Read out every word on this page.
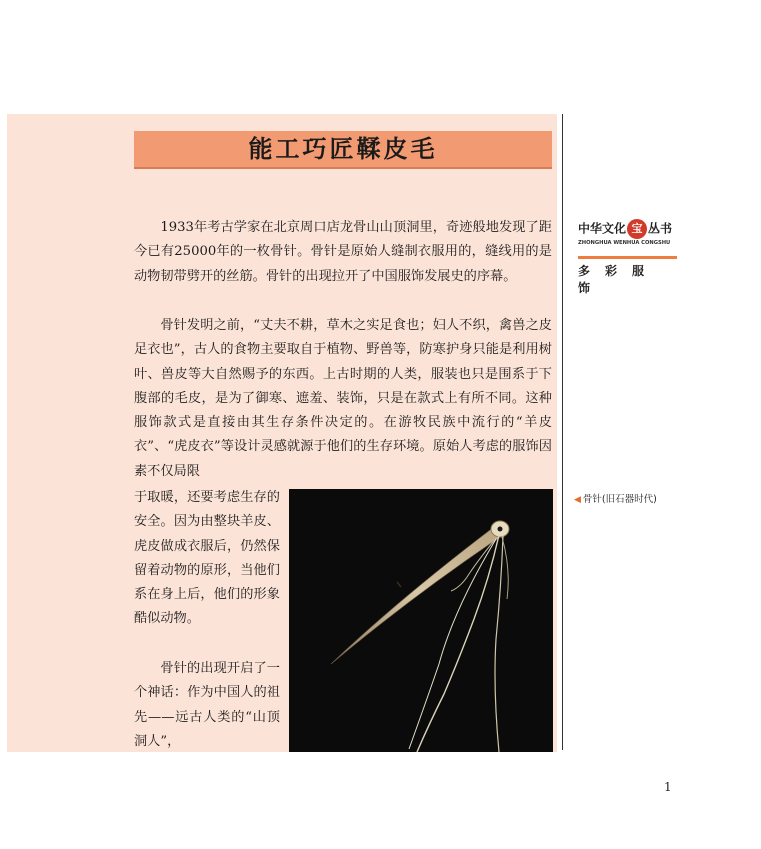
能工巧匠鞣皮毛

1933年考古学家在北京周口店龙骨山山顶洞里，奇迹般地发现了距今已有25000年的一枚骨针。骨针是原始人缝制衣服用的，缝线用的是动物韧带劈开的丝筋。骨针的出现拉开了中国服饰发展史的序幕。

骨针发明之前，“丈夫不耕，草木之实足食也；妇人不织，禽兽之皮足衣也”，古人的食物主要取自于植物、野兽等，防寒护身只能是利用树叶、兽皮等大自然赐予的东西。上古时期的人类，服装也只是围系于下腹部的毛皮，是为了御寒、遮羞、装饰，只是在款式上有所不同。这种服饰款式是直接由其生存条件决定的。在游牧民族中流行的“羊皮衣”、“虎皮衣”等设计灵感就源于他们的生存环境。原始人考虑的服饰因素不仅局限

于取暖，还要考虑生存的安全。因为由整块羊皮、虎皮做成衣服后，仍然保留着动物的原形，当他们系在身上后，他们的形象酷似动物。

骨针的出现开启了一个神话：作为中国人的祖先——远古人类的“山顶洞人”，

中华文化 宝 丛书
ZHONGHUA WENHUA CONGSHU
多彩服饰
◀ 骨针(旧石器时代)
1
